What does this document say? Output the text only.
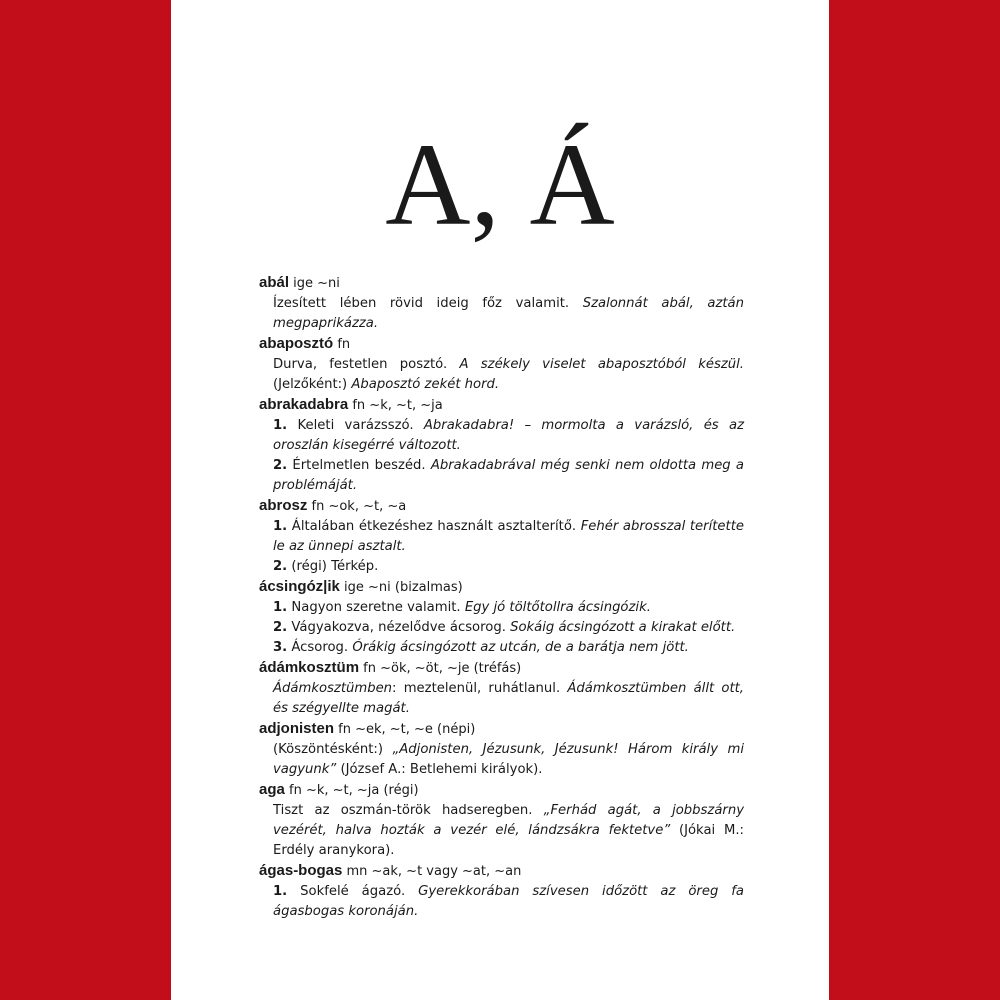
A, Á
abál ige ~ni
Ízesített lében rövid ideig főz valamit. Szalonnát abál, aztán megpaprikázza.
abaposztó fn
Durva, festetlen posztó. A székely viselet abaposztóból készül. (Jelzőként:) Abaposztó zekét hord.
abrakadabra fn ~k, ~t, ~ja
1. Keleti varázsszó. Abrakadabra! – mormolta a varázsló, és az oroszlán kisegérré változott.
2. Értelmetlen beszéd. Abrakadabrával még senki nem oldotta meg a problémáját.
abrosz fn ~ok, ~t, ~a
1. Általában étkezéshez használt asztalterítő. Fehér abrosszal terítette le az ünnepi asztalt.
2. (régi) Térkép.
ácsingóz|ik ige ~ni (bizalmas)
1. Nagyon szeretne valamit. Egy jó töltőtollra ácsingózik.
2. Vágyakozva, nézelődve ácsorog. Sokáig ácsingózott a kirakat előtt.
3. Ácsorog. Órákig ácsingózott az utcán, de a barátja nem jött.
ádámkosztüm fn ~ök, ~öt, ~je (tréfás)
Ádámkosztümben: meztelenül, ruhátlanul. Ádámkosztümben állt ott, és szégyellte magát.
adjonisten fn ~ek, ~t, ~e (népi)
(Köszöntésként:) „Adjonisten, Jézusunk, Jézusunk! Három király mi vagyunk” (József A.: Betlehemi királyok).
aga fn ~k, ~t, ~ja (régi)
Tiszt az oszmán-török hadseregben. „Ferhád agát, a jobbszárny vezérét, halva hozták a vezér elé, lándzsákra fektetve” (Jókai M.: Erdély aranykora).
ágas-bogas mn ~ak, ~t vagy ~at, ~an
1. Sokfelé ágazó. Gyerekkorában szívesen időzött az öreg fa ágasbogas koronáján.
